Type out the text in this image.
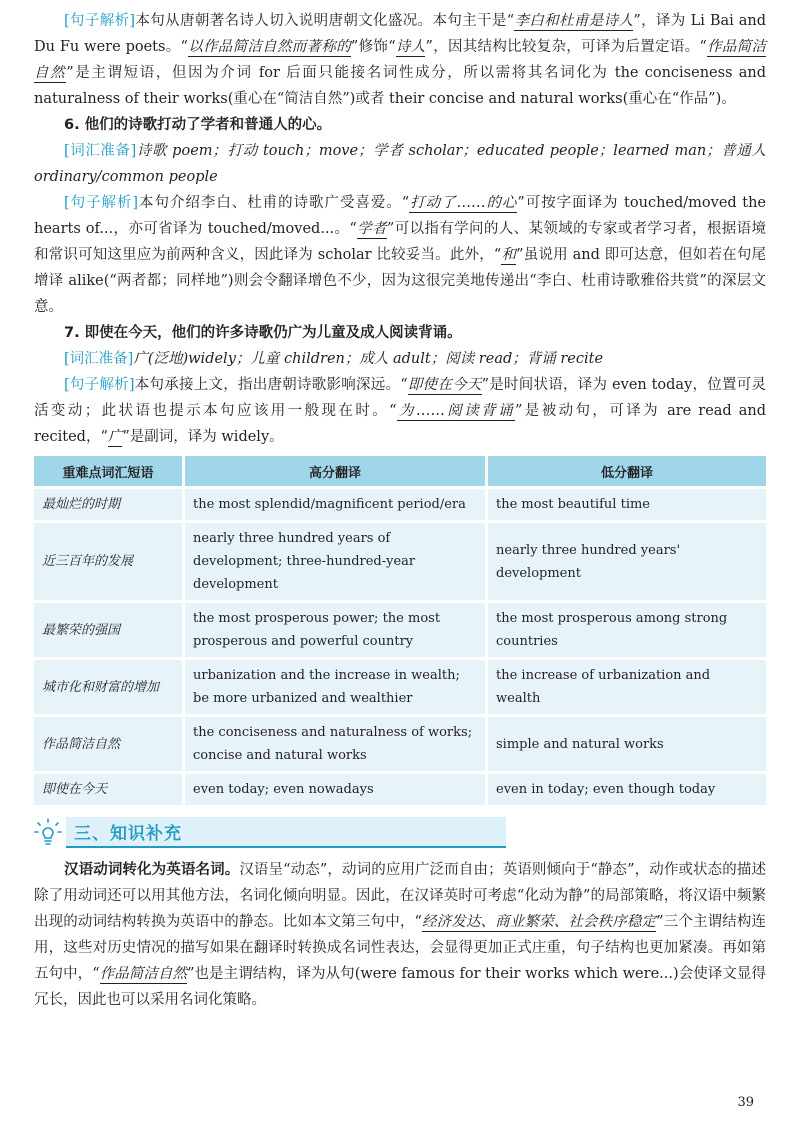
[句子解析]本句从唐朝著名诗人切入说明唐朝文化盛况。本句主干是“李白和杜甫是诗人”，译为 Li Bai and Du Fu were poets。“以作品简洁自然而著称的”修饰“诗人”，因其结构比较复杂，可译为后置定语。“作品简洁自然”是主谓短语，但因为介词 for 后面只能接名词性成分，所以需将其名词化为 the conciseness and naturalness of their works(重心在“简洁自然”)或者 their concise and natural works(重心在“作品”)。

6. 他们的诗歌打动了学者和普通人的心。

[词汇准备]诗歌 poem；打动 touch；move；学者 scholar；educated people；learned man；普通人 ordinary/common people

[句子解析]本句介绍李白、杜甫的诗歌广受喜爱。“打动了……的心”可按字面译为 touched/moved the hearts of...，亦可省译为 touched/moved...。“学者”可以指有学问的人、某领域的专家或者学习者，根据语境和常识可知这里应为前两种含义，因此译为 scholar 比较妥当。此外，“和”虽说用 and 即可达意，但如若在句尾增译 alike(“两者都；同样地”)则会令翻译增色不少，因为这很完美地传递出“李白、杜甫诗歌雅俗共赏”的深层文意。

7. 即使在今天，他们的许多诗歌仍广为儿童及成人阅读背诵。

[词汇准备]广(泛地)widely；儿童 children；成人 adult；阅读 read；背诵 recite

[句子解析]本句承接上文，指出唐朝诗歌影响深远。“即使在今天”是时间状语，译为 even today，位置可灵活变动；此状语也提示本句应该用一般现在时。“为……阅读背诵”是被动句，可译为 are read and recited，“广”是副词，译为 widely。

重难点词汇短语	高分翻译	低分翻译
最灿烂的时期	the most splendid/magnificent period/era	the most beautiful time
近三百年的发展	nearly three hundred years of development; three-hundred-year development	nearly three hundred years' development
最繁荣的强国	the most prosperous power; the most prosperous and powerful country	the most prosperous among strong countries
城市化和财富的增加	urbanization and the increase in wealth; be more urbanized and wealthier	the increase of urbanization and wealth
作品简洁自然	the conciseness and naturalness of works; concise and natural works	simple and natural works
即使在今天	even today; even nowadays	even in today; even though today
三、知识补充

汉语动词转化为英语名词。汉语呈“动态”，动词的应用广泛而自由；英语则倾向于“静态”，动作或状态的描述除了用动词还可以用其他方法，名词化倾向明显。因此，在汉译英时可考虑“化动为静”的局部策略，将汉语中频繁出现的动词结构转换为英语中的静态。比如本文第三句中，“经济发达、商业繁荣、社会秩序稳定”三个主谓结构连用，这些对历史情况的描写如果在翻译时转换成名词性表达，会显得更加正式庄重，句子结构也更加紧凑。再如第五句中，“作品简洁自然”也是主谓结构，译为从句(were famous for their works which were...)会使译文显得冗长，因此也可以采用名词化策略。

39
